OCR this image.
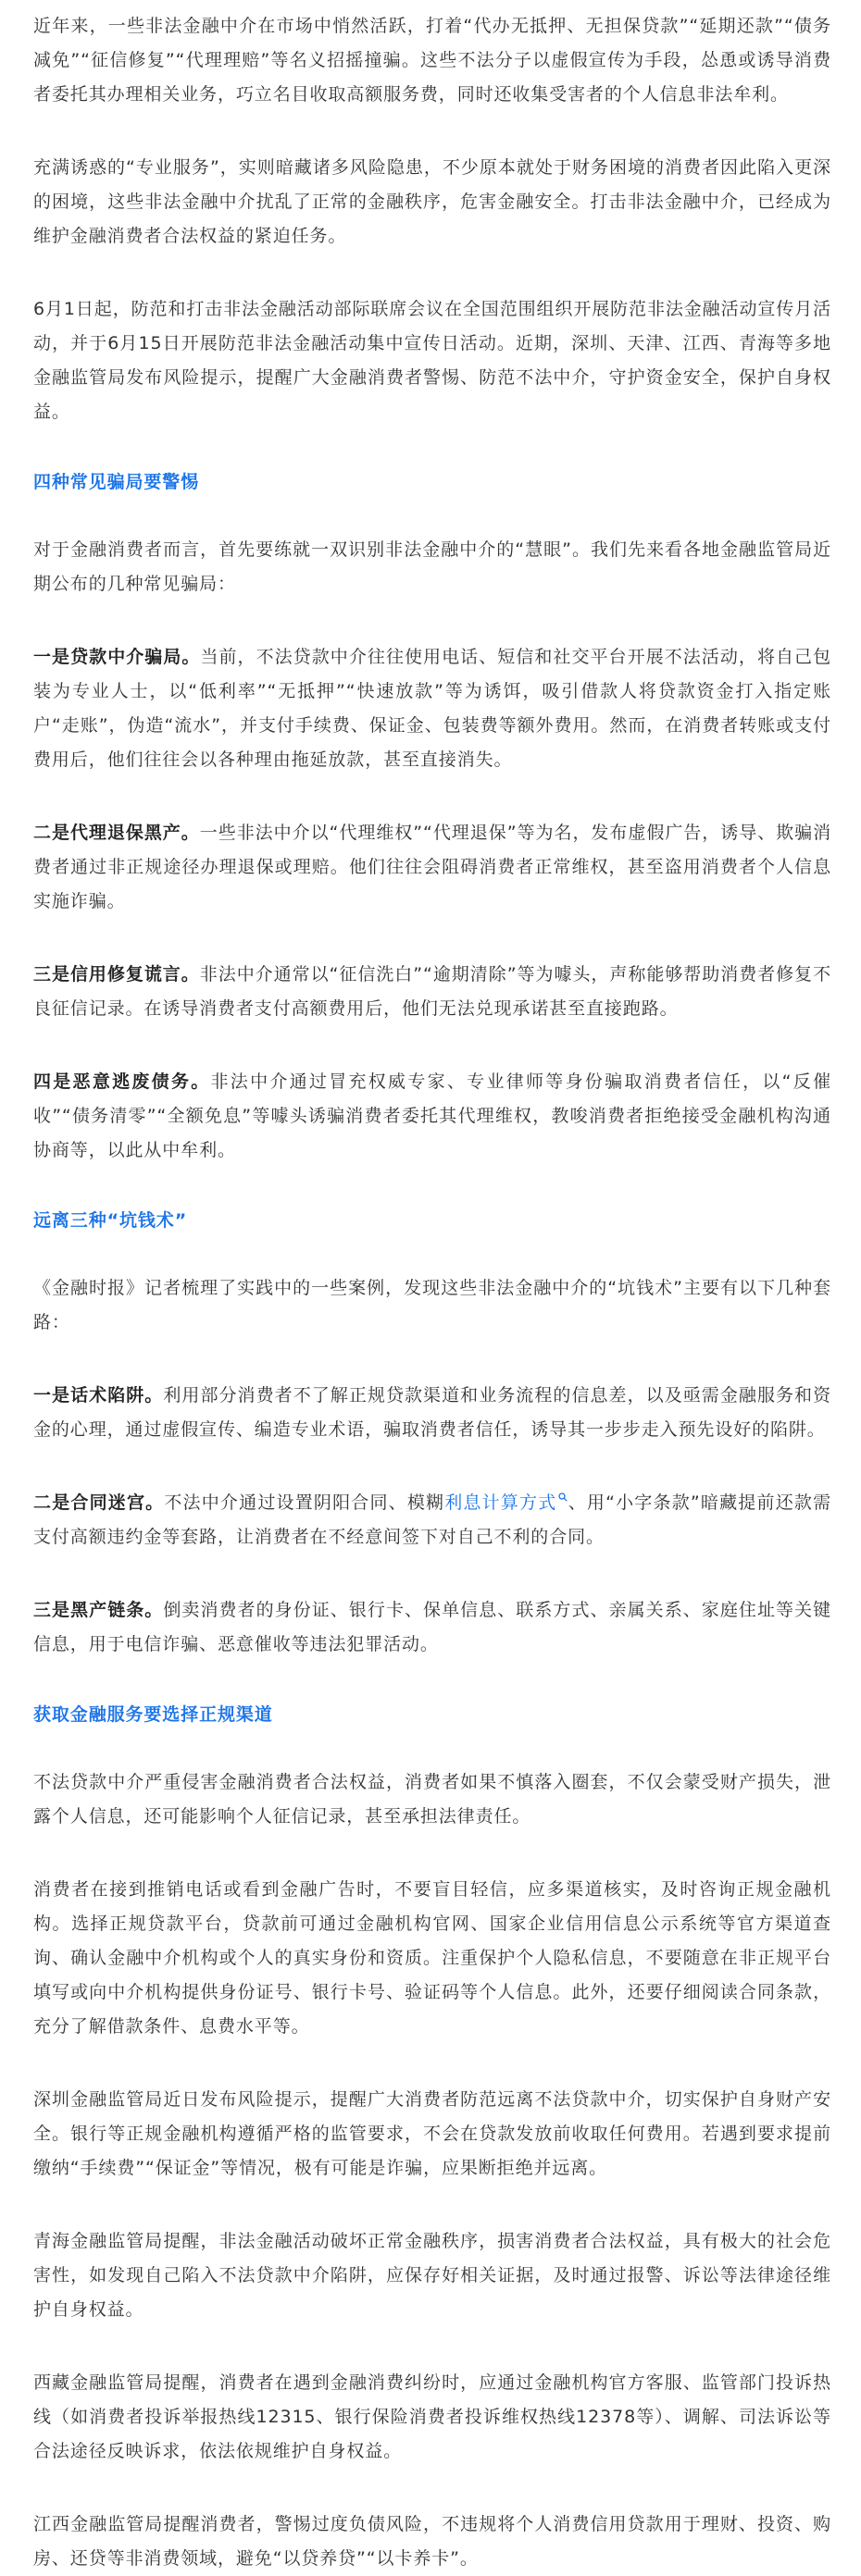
近年来，一些非法金融中介在市场中悄然活跃，打着“代办无抵押、无担保贷款”“延期还款”“债务减免”“征信修复”“代理理赔”等名义招摇撞骗。这些不法分子以虚假宣传为手段，怂恿或诱导消费者委托其办理相关业务，巧立名目收取高额服务费，同时还收集受害者的个人信息非法牟利。

充满诱惑的“专业服务”，实则暗藏诸多风险隐患，不少原本就处于财务困境的消费者因此陷入更深的困境，这些非法金融中介扰乱了正常的金融秩序，危害金融安全。打击非法金融中介，已经成为维护金融消费者合法权益的紧迫任务。

6月1日起，防范和打击非法金融活动部际联席会议在全国范围组织开展防范非法金融活动宣传月活动，并于6月15日开展防范非法金融活动集中宣传日活动。近期，深圳、天津、江西、青海等多地金融监管局发布风险提示，提醒广大金融消费者警惕、防范不法中介，守护资金安全，保护自身权益。

四种常见骗局要警惕

对于金融消费者而言，首先要练就一双识别非法金融中介的“慧眼”。我们先来看各地金融监管局近期公布的几种常见骗局：

一是贷款中介骗局。当前，不法贷款中介往往使用电话、短信和社交平台开展不法活动，将自己包装为专业人士，以“低利率”“无抵押”“快速放款”等为诱饵，吸引借款人将贷款资金打入指定账户“走账”，伪造“流水”，并支付手续费、保证金、包装费等额外费用。然而，在消费者转账或支付费用后，他们往往会以各种理由拖延放款，甚至直接消失。

二是代理退保黑产。一些非法中介以“代理维权”“代理退保”等为名，发布虚假广告，诱导、欺骗消费者通过非正规途径办理退保或理赔。他们往往会阻碍消费者正常维权，甚至盗用消费者个人信息实施诈骗。

三是信用修复谎言。非法中介通常以“征信洗白”“逾期清除”等为噱头，声称能够帮助消费者修复不良征信记录。在诱导消费者支付高额费用后，他们无法兑现承诺甚至直接跑路。

四是恶意逃废债务。非法中介通过冒充权威专家、专业律师等身份骗取消费者信任，以“反催收”“债务清零”“全额免息”等噱头诱骗消费者委托其代理维权，教唆消费者拒绝接受金融机构沟通协商等，以此从中牟利。

远离三种“坑钱术”

《金融时报》记者梳理了实践中的一些案例，发现这些非法金融中介的“坑钱术”主要有以下几种套路：

一是话术陷阱。利用部分消费者不了解正规贷款渠道和业务流程的信息差，以及亟需金融服务和资金的心理，通过虚假宣传、编造专业术语，骗取消费者信任，诱导其一步步走入预先设好的陷阱。

二是合同迷宫。不法中介通过设置阴阳合同、模糊利息计算方式 、用“小字条款”暗藏提前还款需支付高额违约金等套路，让消费者在不经意间签下对自己不利的合同。

三是黑产链条。倒卖消费者的身份证、银行卡、保单信息、联系方式、亲属关系、家庭住址等关键信息，用于电信诈骗、恶意催收等违法犯罪活动。

获取金融服务要选择正规渠道

不法贷款中介严重侵害金融消费者合法权益，消费者如果不慎落入圈套，不仅会蒙受财产损失，泄露个人信息，还可能影响个人征信记录，甚至承担法律责任。

消费者在接到推销电话或看到金融广告时，不要盲目轻信，应多渠道核实，及时咨询正规金融机构。选择正规贷款平台，贷款前可通过金融机构官网、国家企业信用信息公示系统等官方渠道查询、确认金融中介机构或个人的真实身份和资质。注重保护个人隐私信息，不要随意在非正规平台填写或向中介机构提供身份证号、银行卡号、验证码等个人信息。此外，还要仔细阅读合同条款，充分了解借款条件、息费水平等。

深圳金融监管局近日发布风险提示，提醒广大消费者防范远离不法贷款中介，切实保护自身财产安全。银行等正规金融机构遵循严格的监管要求，不会在贷款发放前收取任何费用。若遇到要求提前缴纳“手续费”“保证金”等情况，极有可能是诈骗，应果断拒绝并远离。

青海金融监管局提醒，非法金融活动破坏正常金融秩序，损害消费者合法权益，具有极大的社会危害性，如发现自己陷入不法贷款中介陷阱，应保存好相关证据，及时通过报警、诉讼等法律途径维护自身权益。

西藏金融监管局提醒，消费者在遇到金融消费纠纷时，应通过金融机构官方客服、监管部门投诉热线（如消费者投诉举报热线12315、银行保险消费者投诉维权热线12378等）、调解、司法诉讼等合法途径反映诉求，依法依规维护自身权益。

江西金融监管局提醒消费者，警惕过度负债风险，不违规将个人消费信用贷款用于理财、投资、购房、还贷等非消费领域，避免“以贷养贷”“以卡养卡”。
